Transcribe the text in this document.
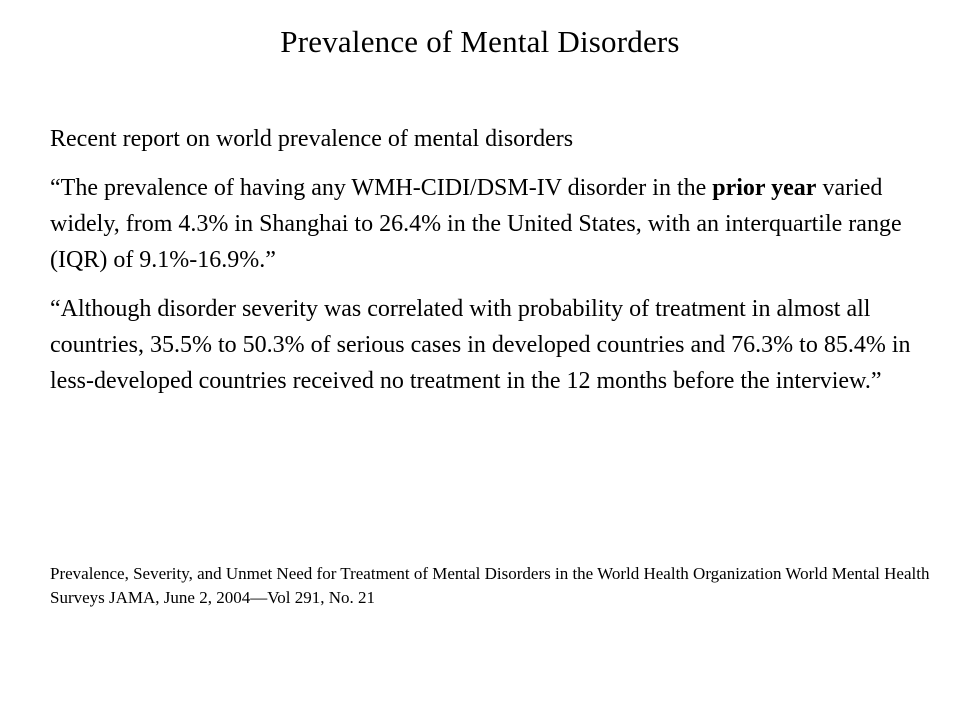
Prevalence of Mental Disorders

Recent report on world prevalence of mental disorders

“The prevalence of having any WMH-CIDI/DSM-IV disorder in the prior year varied widely, from 4.3% in Shanghai to 26.4% in the United States, with an interquartile range (IQR) of 9.1%-16.9%.”

“Although disorder severity was correlated with probability of treatment in almost all countries, 35.5% to 50.3% of serious cases in developed countries and 76.3% to 85.4% in less-developed countries received no treatment in the 12 months before the interview.”

Prevalence, Severity, and Unmet Need for Treatment of Mental Disorders in the World Health Organization World Mental Health Surveys JAMA, June 2, 2004—Vol 291, No. 21
